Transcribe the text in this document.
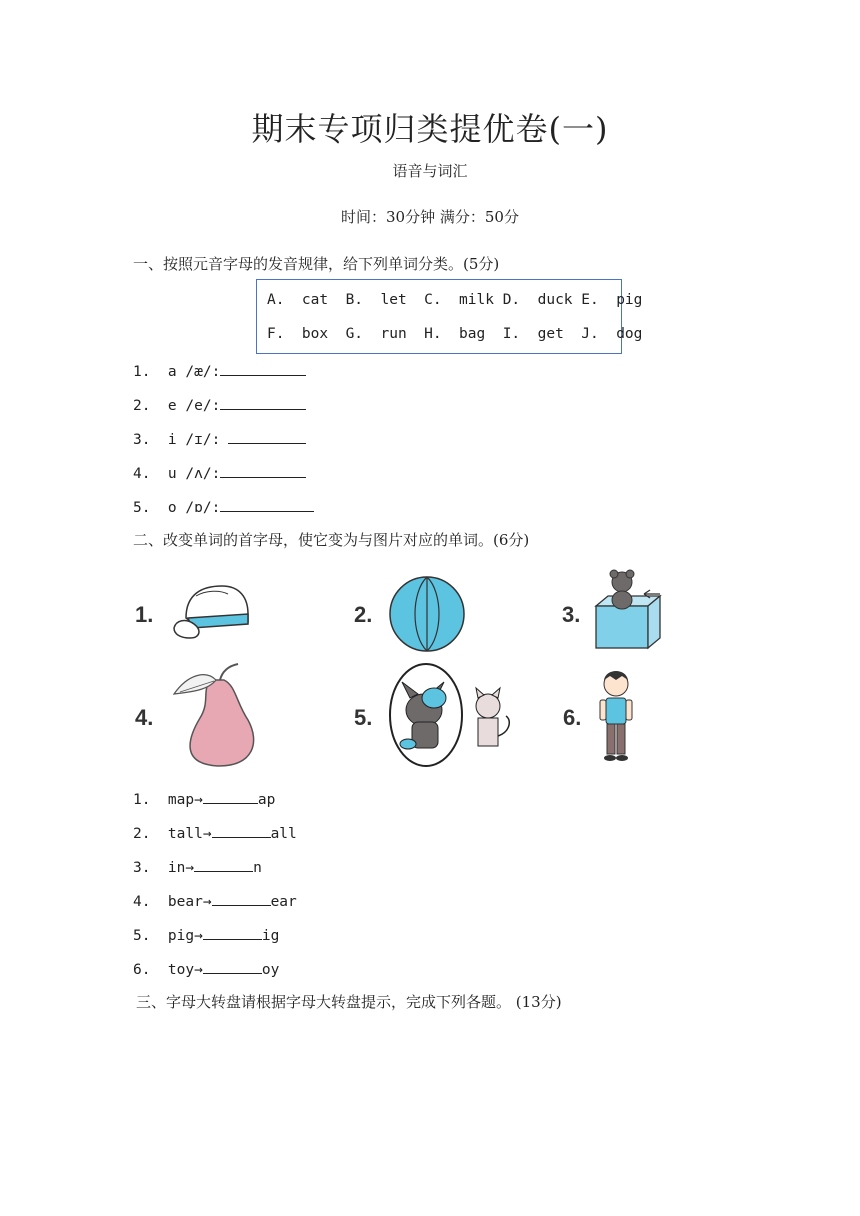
期末专项归类提优卷(一)
语音与词汇
时间：30分钟 满分：50分
一、按照元音字母的发音规律，给下列单词分类。(5分)
A.  cat  B.  let  C.  milk D.  duck E.  pig
F.  box  G.  run  H.  bag  I.  get  J.  dog
1.  a /æ/:
2.  e /e/:
3.  i /ɪ/:
4.  u /ʌ/:
5.  o /ɒ/:
二、改变单词的首字母，使它变为与图片对应的单词。(6分)
1.	2.	3.
4.	5.	6.
1.  map→	ap
2.  tall→	all
3.  in→	n
4.  bear→	ear
5.  pig→	ig
6.  toy→	oy
三、字母大转盘请根据字母大转盘提示，完成下列各题。 (13分)
